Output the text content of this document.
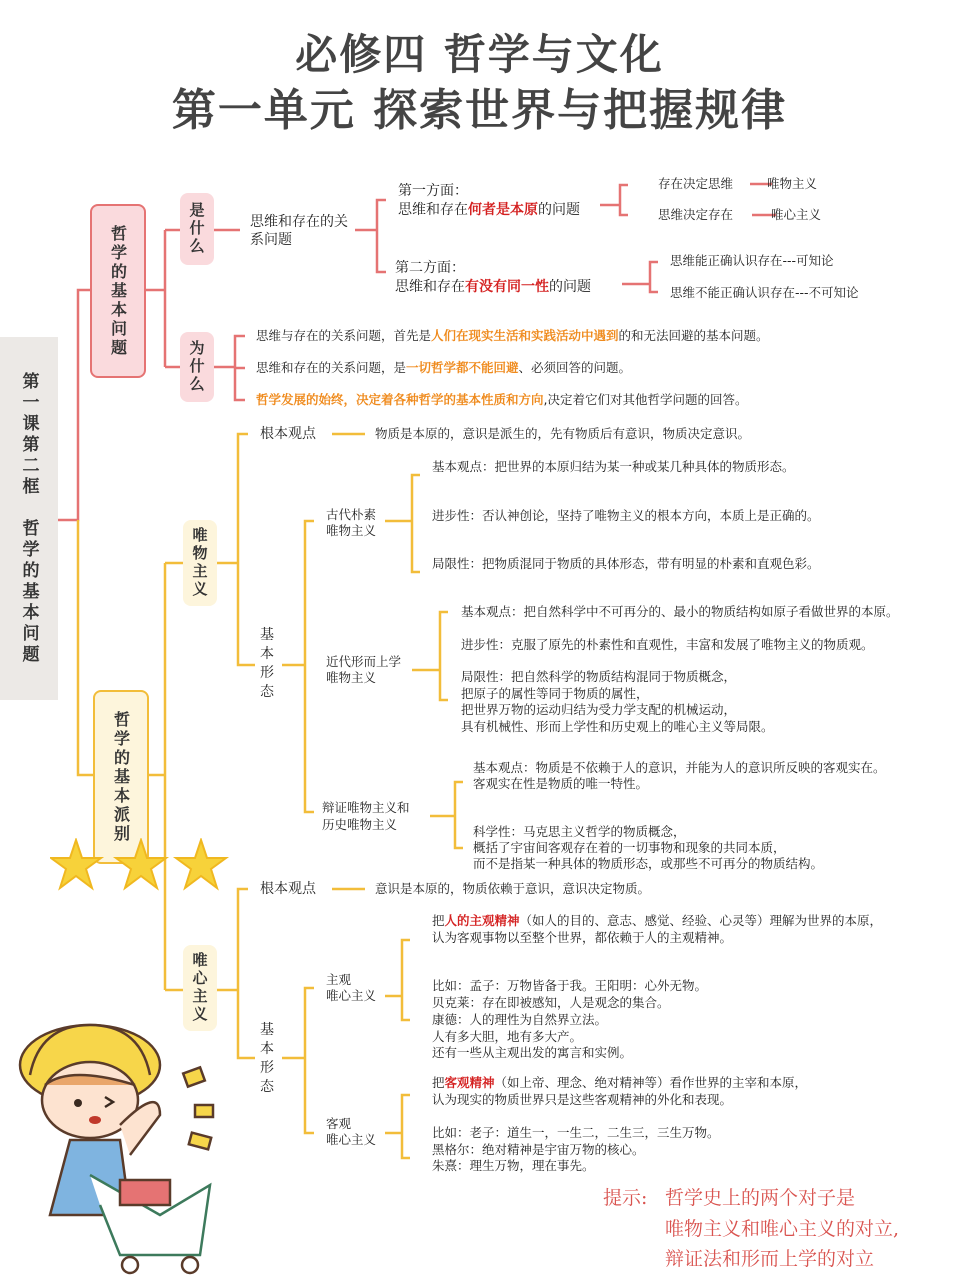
必修四 哲学与文化
第一单元 探索世界与把握规律
第一课第二框　哲学的基本问题
哲学的基本问题	是什么
为什么
哲学的基本派别
唯物主义
唯心主义
思维和存在的关系问题
第一方面：
思维和存在何者是本原的问题
存在决定思维	唯物主义
思维决定存在	唯心主义
第二方面：
思维和存在有没有同一性的问题
思维能正确认识存在---可知论
思维不能正确认识存在---不可知论
思维与存在的关系问题，首先是人们在现实生活和实践活动中遇到的和无法回避的基本问题。
思维和存在的关系问题，是一切哲学都不能回避、必须回答的问题。
哲学发展的始终，决定着各种哲学的基本性质和方向,决定着它们对其他哲学问题的回答。
根本观点	物质是本原的，意识是派生的，先有物质后有意识，物质决定意识。
基本形态
古代朴素
唯物主义
基本观点：把世界的本原归结为某一种或某几种具体的物质形态。
进步性：否认神创论，坚持了唯物主义的根本方向，本质上是正确的。
局限性：把物质混同于物质的具体形态，带有明显的朴素和直观色彩。
近代形而上学
唯物主义
基本观点：把自然科学中不可再分的、最小的物质结构如原子看做世界的本原。
进步性：克服了原先的朴素性和直观性，丰富和发展了唯物主义的物质观。
局限性：把自然科学的物质结构混同于物质概念，
把原子的属性等同于物质的属性，
把世界万物的运动归结为受力学支配的机械运动，
具有机械性、形而上学性和历史观上的唯心主义等局限。
辩证唯物主义和
历史唯物主义
基本观点：物质是不依赖于人的意识，并能为人的意识所反映的客观实在。
客观实在性是物质的唯一特性。
科学性：马克思主义哲学的物质概念，
概括了宇宙间客观存在着的一切事物和现象的共同本质，
而不是指某一种具体的物质形态，或那些不可再分的物质结构。
根本观点	意识是本原的，物质依赖于意识，意识决定物质。
基本形态
主观
唯心主义
把人的主观精神（如人的目的、意志、感觉、经验、心灵等）理解为世界的本原，
认为客观事物以至整个世界，都依赖于人的主观精神。
比如：孟子：万物皆备于我。王阳明：心外无物。
贝克莱：存在即被感知，人是观念的集合。
康德：人的理性为自然界立法。
人有多大胆，地有多大产。
还有一些从主观出发的寓言和实例。
客观
唯心主义
把客观精神（如上帝、理念、绝对精神等）看作世界的主宰和本原，
认为现实的物质世界只是这些客观精神的外化和表现。
比如：老子：道生一，一生二，二生三，三生万物。
黑格尔：绝对精神是宇宙万物的核心。
朱熹：理生万物，理在事先。
提示: 哲学史上的两个对子是
唯物主义和唯心主义的对立,
辩证法和形而上学的对立
